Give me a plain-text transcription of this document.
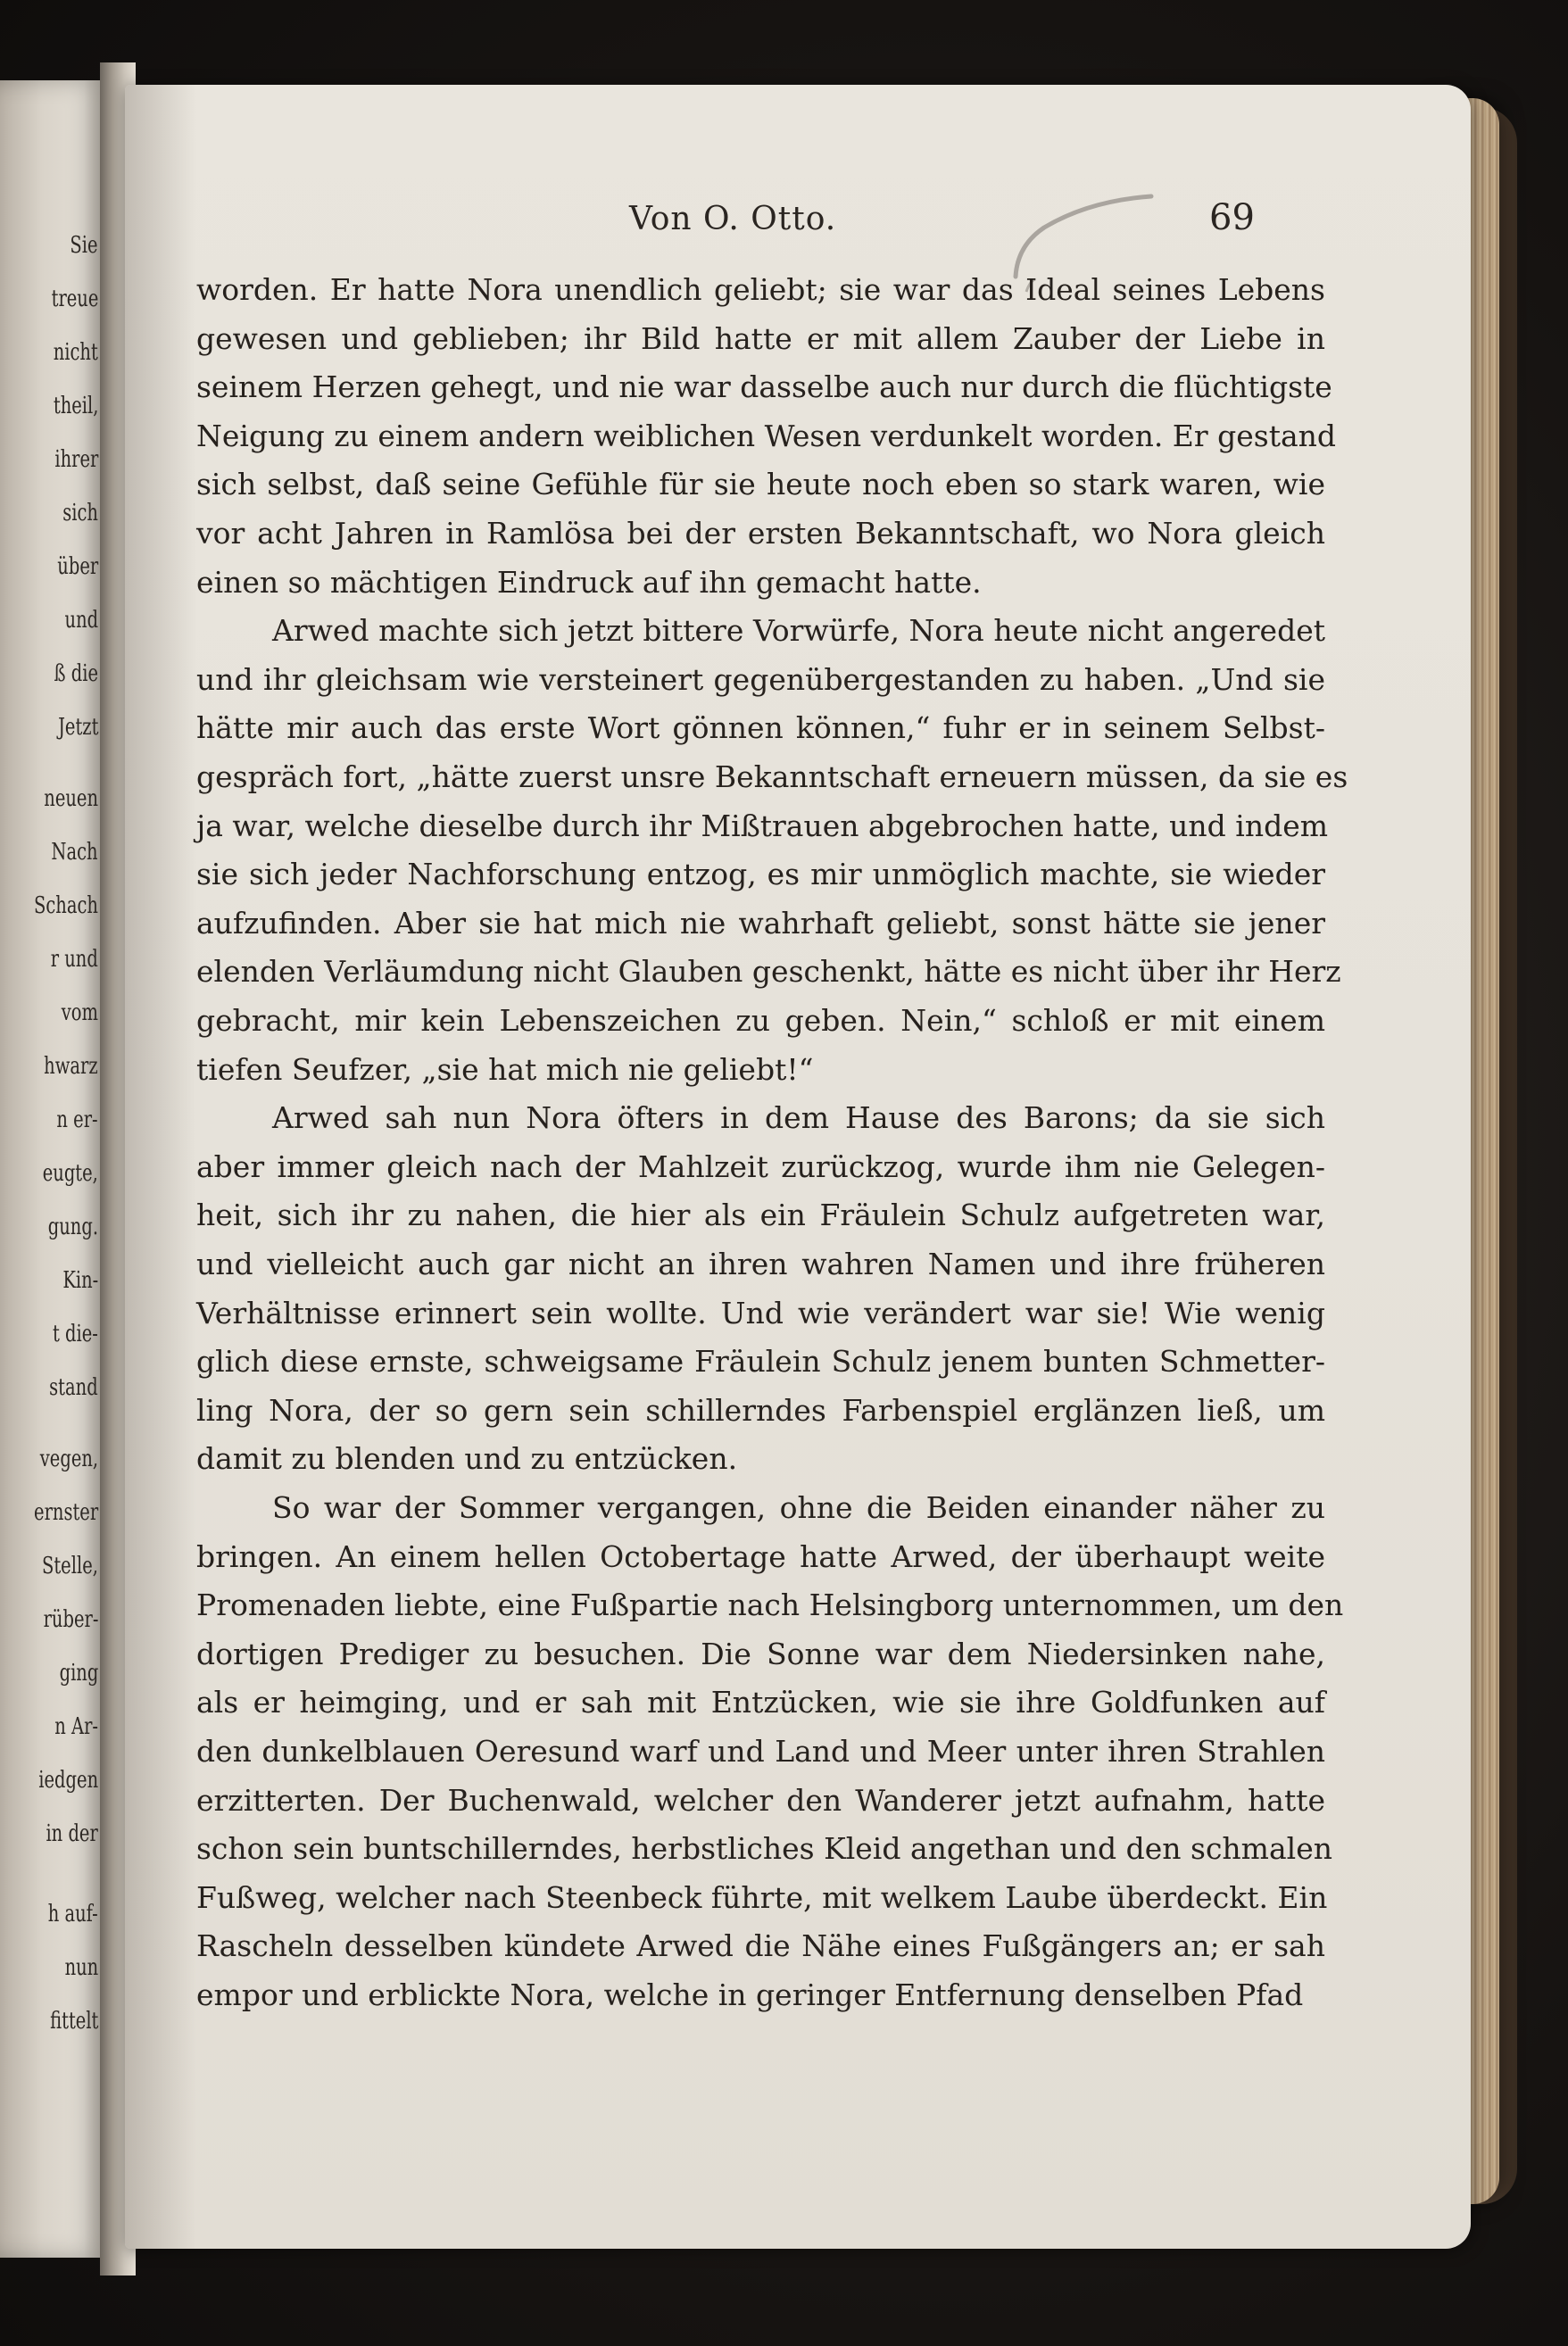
Sie
treue
nicht
theil,
ihrer
sich
über
und
ß die
Jetzt
neuen
Nach
Schach
r und
vom
hwarz
n er-
eugte,
gung.
Kin-
t die-
stand
vegen,
ernster
Stelle,
rüber-
ging
n Ar-
iedgen
in der
h auf-
nun
fittelt
Von O. Otto.	69
worden. Er hatte Nora unendlich geliebt; sie war das Ideal seines Lebens
gewesen und geblieben; ihr Bild hatte er mit allem Zauber der Liebe in
seinem Herzen gehegt, und nie war dasselbe auch nur durch die flüchtigste
Neigung zu einem andern weiblichen Wesen verdunkelt worden. Er gestand
sich selbst, daß seine Gefühle für sie heute noch eben so stark waren, wie
vor acht Jahren in Ramlösa bei der ersten Bekanntschaft, wo Nora gleich
einen so mächtigen Eindruck auf ihn gemacht hatte.
Arwed machte sich jetzt bittere Vorwürfe, Nora heute nicht angeredet
und ihr gleichsam wie versteinert gegenübergestanden zu haben. „Und sie
hätte mir auch das erste Wort gönnen können,“ fuhr er in seinem Selbst-
gespräch fort, „hätte zuerst unsre Bekanntschaft erneuern müssen, da sie es
ja war, welche dieselbe durch ihr Mißtrauen abgebrochen hatte, und indem
sie sich jeder Nachforschung entzog, es mir unmöglich machte, sie wieder
aufzufinden. Aber sie hat mich nie wahrhaft geliebt, sonst hätte sie jener
elenden Verläumdung nicht Glauben geschenkt, hätte es nicht über ihr Herz
gebracht, mir kein Lebenszeichen zu geben. Nein,“ schloß er mit einem
tiefen Seufzer, „sie hat mich nie geliebt!“
Arwed sah nun Nora öfters in dem Hause des Barons; da sie sich
aber immer gleich nach der Mahlzeit zurückzog, wurde ihm nie Gelegen-
heit, sich ihr zu nahen, die hier als ein Fräulein Schulz aufgetreten war,
und vielleicht auch gar nicht an ihren wahren Namen und ihre früheren
Verhältnisse erinnert sein wollte. Und wie verändert war sie! Wie wenig
glich diese ernste, schweigsame Fräulein Schulz jenem bunten Schmetter-
ling Nora, der so gern sein schillerndes Farbenspiel erglänzen ließ, um
damit zu blenden und zu entzücken.
So war der Sommer vergangen, ohne die Beiden einander näher zu
bringen. An einem hellen Octobertage hatte Arwed, der überhaupt weite
Promenaden liebte, eine Fußpartie nach Helsingborg unternommen, um den
dortigen Prediger zu besuchen. Die Sonne war dem Niedersinken nahe,
als er heimging, und er sah mit Entzücken, wie sie ihre Goldfunken auf
den dunkelblauen Oeresund warf und Land und Meer unter ihren Strahlen
erzitterten. Der Buchenwald, welcher den Wanderer jetzt aufnahm, hatte
schon sein buntschillerndes, herbstliches Kleid angethan und den schmalen
Fußweg, welcher nach Steenbeck führte, mit welkem Laube überdeckt. Ein
Rascheln desselben kündete Arwed die Nähe eines Fußgängers an; er sah
empor und erblickte Nora, welche in geringer Entfernung denselben Pfad
